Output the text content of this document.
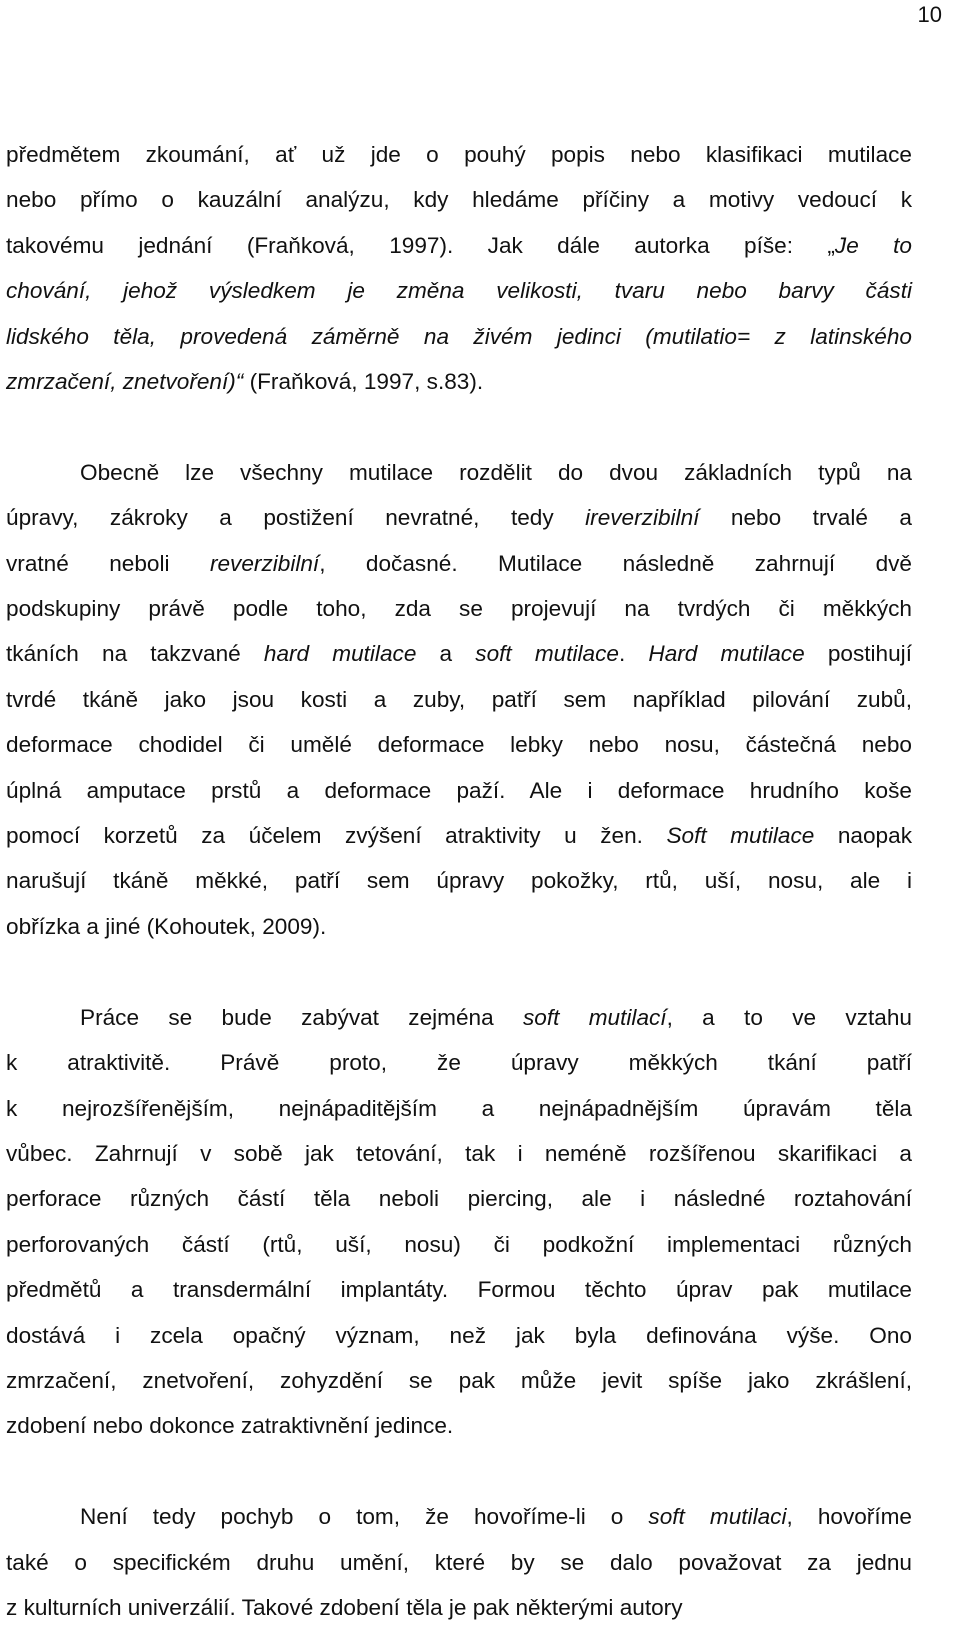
10

předmětem zkoumání, ať už jde o pouhý popis nebo klasifikaci mutilace
nebo přímo o kauzální analýzu, kdy hledáme příčiny a motivy vedoucí k
takovému jednání (Fraňková, 1997). Jak dále autorka píše: „Je to
chování, jehož výsledkem je změna velikosti, tvaru nebo barvy části
lidského těla, provedená záměrně na živém jedinci (mutilatio= z latinského
zmrzačení, znetvoření)“ (Fraňková, 1997, s.83).

Obecně lze všechny mutilace rozdělit do dvou základních typů na
úpravy, zákroky a postižení nevratné, tedy ireverzibilní nebo trvalé a
vratné neboli reverzibilní, dočasné. Mutilace následně zahrnují dvě
podskupiny právě podle toho, zda se projevují na tvrdých či měkkých
tkáních na takzvané hard mutilace a soft mutilace. Hard mutilace postihují
tvrdé tkáně jako jsou kosti a zuby, patří sem například pilování zubů,
deformace chodidel či umělé deformace lebky nebo nosu, částečná nebo
úplná amputace prstů a deformace paží. Ale i deformace hrudního koše
pomocí korzetů za účelem zvýšení atraktivity u žen. Soft mutilace naopak
narušují tkáně měkké, patří sem úpravy pokožky, rtů, uší, nosu, ale i
obřízka a jiné (Kohoutek, 2009).

Práce se bude zabývat zejména soft mutilací, a to ve vztahu
k atraktivitě. Právě proto, že úpravy měkkých tkání patří
k nejrozšířenějším, nejnápaditějším a nejnápadnějším úpravám těla
vůbec. Zahrnují v sobě jak tetování, tak i neméně rozšířenou skarifikaci a
perforace různých částí těla neboli piercing, ale i následné roztahování
perforovaných částí (rtů, uší, nosu) či podkožní implementaci různých
předmětů a transdermální implantáty. Formou těchto úprav pak mutilace
dostává i zcela opačný význam, než jak byla definována výše. Ono
zmrzačení, znetvoření, zohyzdění se pak může jevit spíše jako zkrášlení,
zdobení nebo dokonce zatraktivnění jedince.

Není tedy pochyb o tom, že hovoříme-li o soft mutilaci, hovoříme
také o specifickém druhu umění, které by se dalo považovat za jednu
z kulturních univerzálií. Takové zdobení těla je pak některými autory
